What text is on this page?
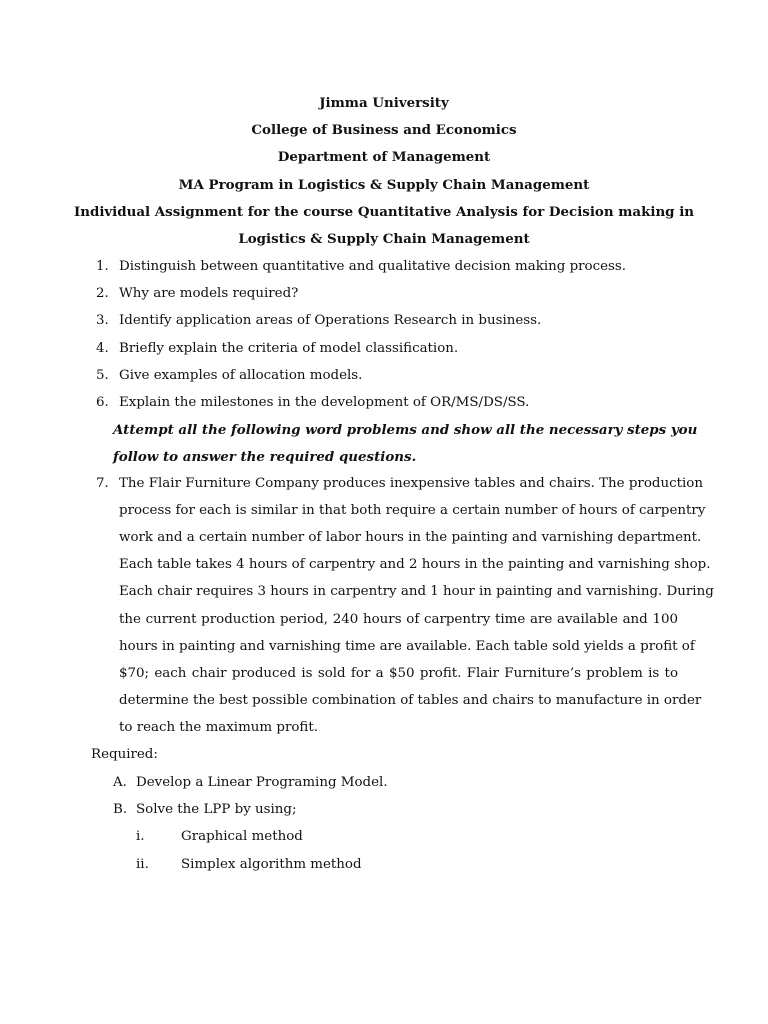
Jimma University
College of Business and Economics
Department of Management
MA Program in Logistics & Supply Chain Management
Individual Assignment for the course Quantitative Analysis for Decision making in
Logistics & Supply Chain Management
1. Distinguish between quantitative and qualitative decision making process.
2. Why are models required?
3. Identify application areas of Operations Research in business.
4. Briefly explain the criteria of model classification.
5. Give examples of allocation models.
6. Explain the milestones in the development of OR/MS/DS/SS.
Attempt all the following word problems and show all the necessary steps you
follow to answer the required questions.
7. The Flair Furniture Company produces inexpensive tables and chairs. The production
process for each is similar in that both require a certain number of hours of carpentry
work and a certain number of labor hours in the painting and varnishing department.
Each table takes 4 hours of carpentry and 2 hours in the painting and varnishing shop.
Each chair requires 3 hours in carpentry and 1 hour in painting and varnishing. During
the current production period, 240 hours of carpentry time are available and 100
hours in painting and varnishing time are available. Each table sold yields a profit of
$70; each chair produced is sold for a $50 profit. Flair Furniture’s problem is to
determine the best possible combination of tables and chairs to manufacture in order
to reach the maximum profit.
Required:
A. Develop a Linear Programing Model.
B. Solve the LPP by using;
i.	Graphical method
ii. Simplex algorithm method
